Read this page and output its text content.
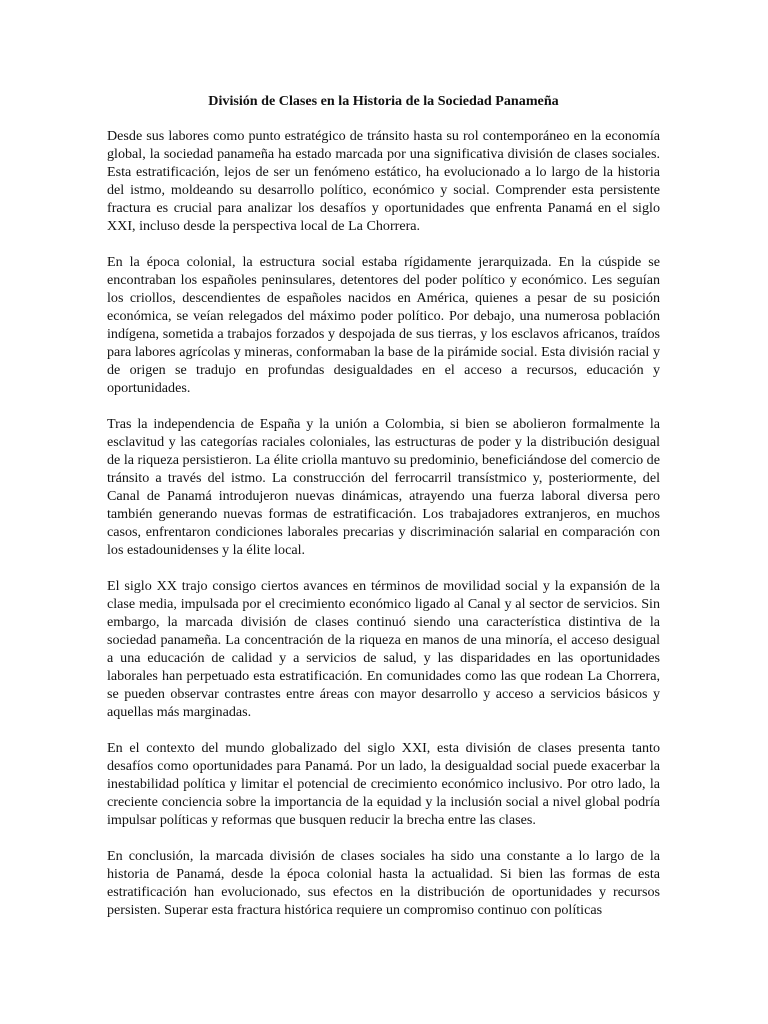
División de Clases en la Historia de la Sociedad Panameña

Desde sus labores como punto estratégico de tránsito hasta su rol contemporáneo en la economía global, la sociedad panameña ha estado marcada por una significativa división de clases sociales. Esta estratificación, lejos de ser un fenómeno estático, ha evolucionado a lo largo de la historia del istmo, moldeando su desarrollo político, económico y social. Comprender esta persistente fractura es crucial para analizar los desafíos y oportunidades que enfrenta Panamá en el siglo XXI, incluso desde la perspectiva local de La Chorrera.

En la época colonial, la estructura social estaba rígidamente jerarquizada. En la cúspide se encontraban los españoles peninsulares, detentores del poder político y económico. Les seguían los criollos, descendientes de españoles nacidos en América, quienes a pesar de su posición económica, se veían relegados del máximo poder político. Por debajo, una numerosa población indígena, sometida a trabajos forzados y despojada de sus tierras, y los esclavos africanos, traídos para labores agrícolas y mineras, conformaban la base de la pirámide social. Esta división racial y de origen se tradujo en profundas desigualdades en el acceso a recursos, educación y oportunidades.

Tras la independencia de España y la unión a Colombia, si bien se abolieron formalmente la esclavitud y las categorías raciales coloniales, las estructuras de poder y la distribución desigual de la riqueza persistieron. La élite criolla mantuvo su predominio, beneficiándose del comercio de tránsito a través del istmo. La construcción del ferrocarril transístmico y, posteriormente, del Canal de Panamá introdujeron nuevas dinámicas, atrayendo una fuerza laboral diversa pero también generando nuevas formas de estratificación. Los trabajadores extranjeros, en muchos casos, enfrentaron condiciones laborales precarias y discriminación salarial en comparación con los estadounidenses y la élite local.

El siglo XX trajo consigo ciertos avances en términos de movilidad social y la expansión de la clase media, impulsada por el crecimiento económico ligado al Canal y al sector de servicios. Sin embargo, la marcada división de clases continuó siendo una característica distintiva de la sociedad panameña. La concentración de la riqueza en manos de una minoría, el acceso desigual a una educación de calidad y a servicios de salud, y las disparidades en las oportunidades laborales han perpetuado esta estratificación. En comunidades como las que rodean La Chorrera, se pueden observar contrastes entre áreas con mayor desarrollo y acceso a servicios básicos y aquellas más marginadas.

En el contexto del mundo globalizado del siglo XXI, esta división de clases presenta tanto desafíos como oportunidades para Panamá. Por un lado, la desigualdad social puede exacerbar la inestabilidad política y limitar el potencial de crecimiento económico inclusivo. Por otro lado, la creciente conciencia sobre la importancia de la equidad y la inclusión social a nivel global podría impulsar políticas y reformas que busquen reducir la brecha entre las clases.

En conclusión, la marcada división de clases sociales ha sido una constante a lo largo de la historia de Panamá, desde la época colonial hasta la actualidad. Si bien las formas de esta estratificación han evolucionado, sus efectos en la distribución de oportunidades y recursos persisten. Superar esta fractura histórica requiere un compromiso continuo con políticas
